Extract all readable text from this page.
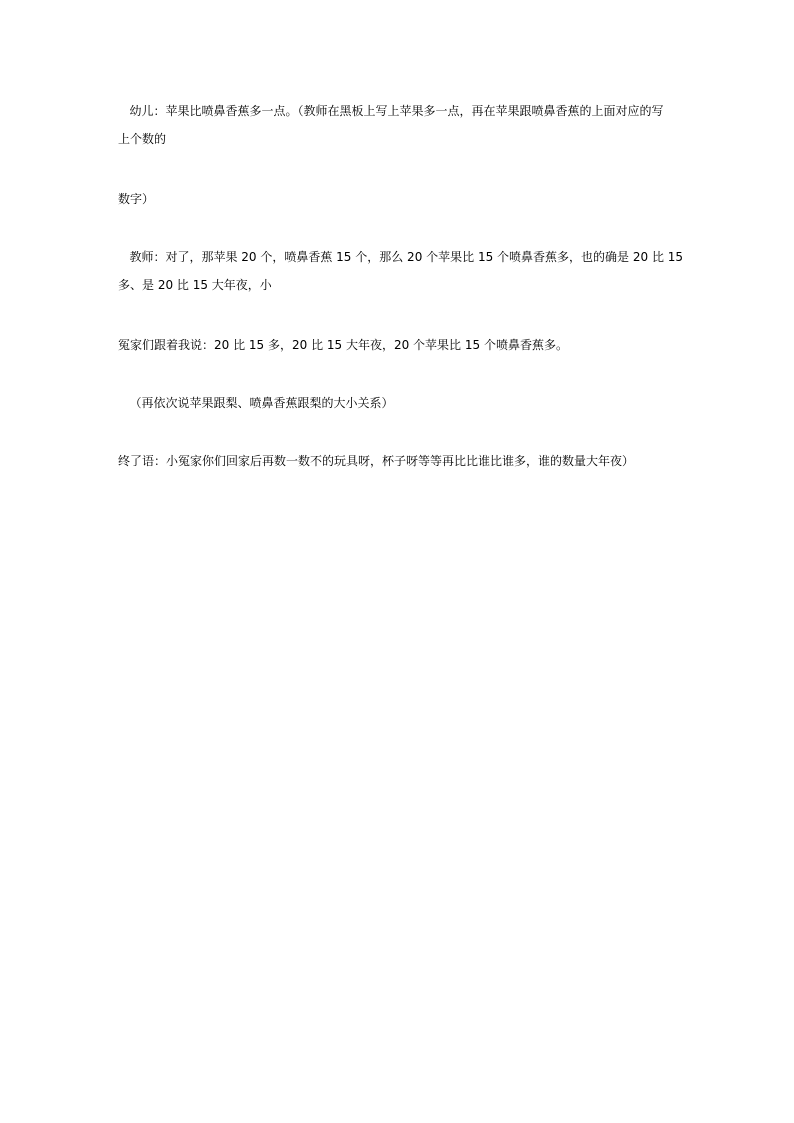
幼儿：苹果比喷鼻香蕉多一点。（教师在黑板上写上苹果多一点，再在苹果跟喷鼻香蕉的上面对应的写
上个数的
数字）
教师：对了，那苹果 20 个，喷鼻香蕉 15 个，那么 20 个苹果比 15 个喷鼻香蕉多，也的确是 20 比 15
多、是 20 比 15 大年夜，小
冤家们跟着我说：20 比 15 多，20 比 15 大年夜，20 个苹果比 15 个喷鼻香蕉多。
（再依次说苹果跟梨、喷鼻香蕉跟梨的大小关系）
终了语：小冤家你们回家后再数一数不的玩具呀，杯子呀等等再比比谁比谁多，谁的数量大年夜）
